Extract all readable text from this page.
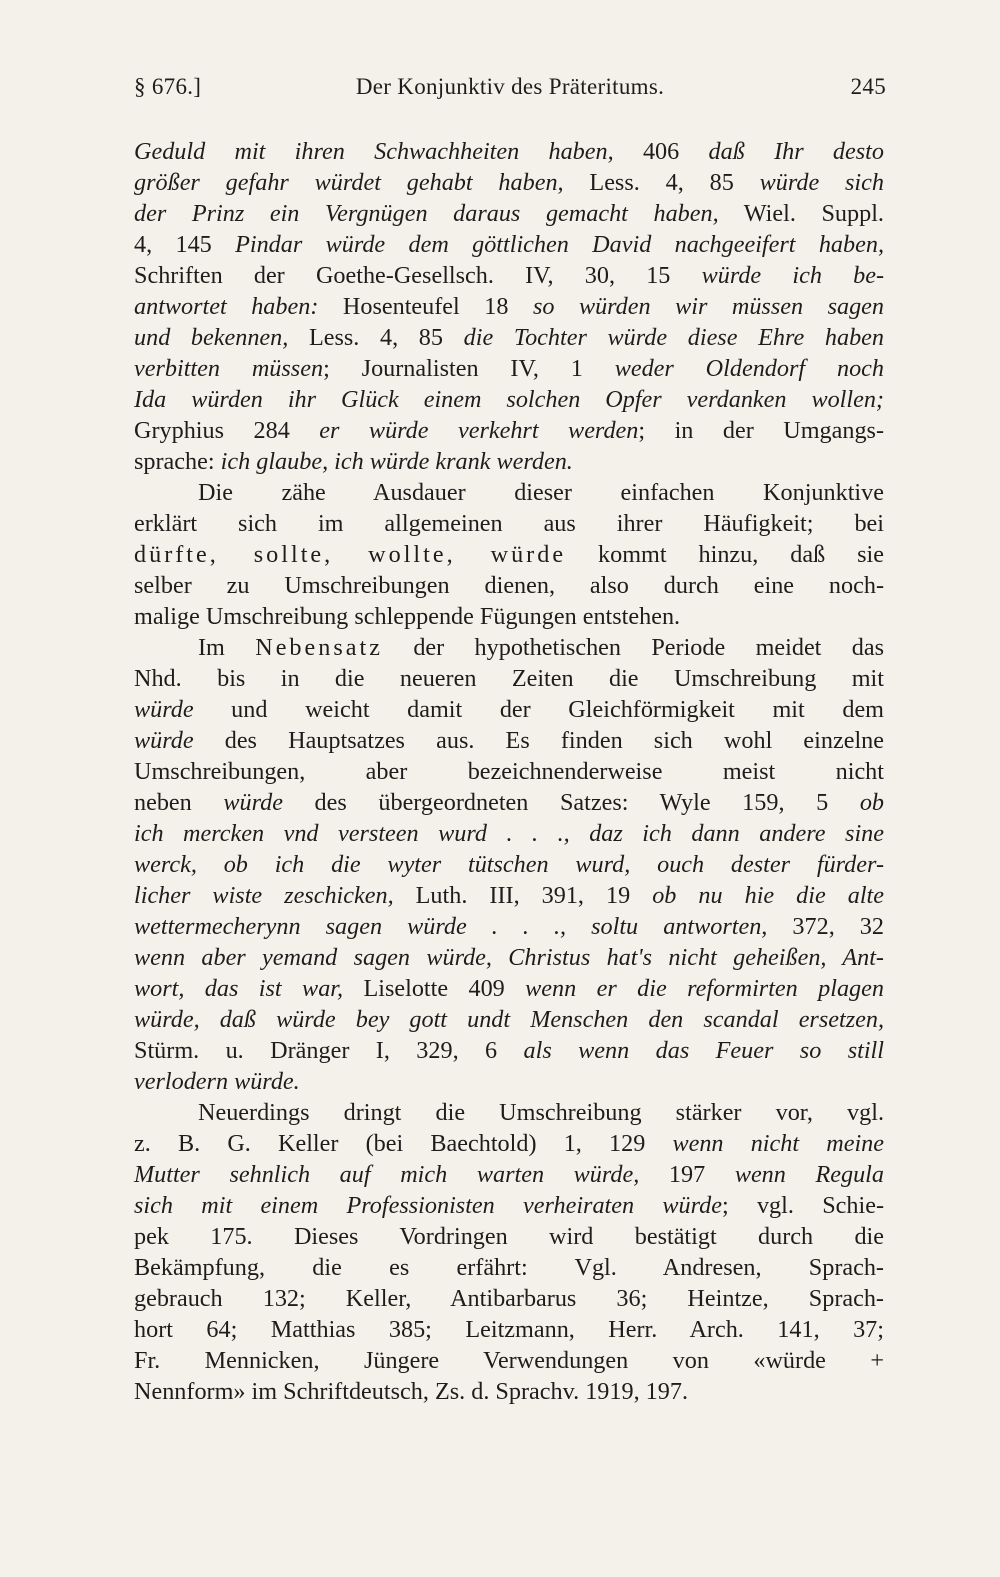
§ 676.]	Der Konjunktiv des Präteritums.	245

Geduld mit ihren Schwachheiten haben, 406 daß Ihr desto

größer gefahr würdet gehabt haben, Less. 4, 85 würde sich

der Prinz ein Vergnügen daraus gemacht haben, Wiel. Suppl.

4, 145 Pindar würde dem göttlichen David nachgeeifert haben,

Schriften der Goethe-Gesellsch. IV, 30, 15 würde ich be-

antwortet haben: Hosenteufel 18 so würden wir müssen sagen

und bekennen, Less. 4, 85 die Tochter würde diese Ehre haben

verbitten müssen; Journalisten IV, 1 weder Oldendorf noch

Ida würden ihr Glück einem solchen Opfer verdanken wollen;

Gryphius 284 er würde verkehrt werden; in der Umgangs-

sprache: ich glaube, ich würde krank werden.

Die zähe Ausdauer dieser einfachen Konjunktive

erklärt sich im allgemeinen aus ihrer Häufigkeit; bei

dürfte, sollte, wollte, würde kommt hinzu, daß sie

selber zu Umschreibungen dienen, also durch eine noch-

malige Umschreibung schleppende Fügungen entstehen.

Im Nebensatz der hypothetischen Periode meidet das

Nhd. bis in die neueren Zeiten die Umschreibung mit

würde und weicht damit der Gleichförmigkeit mit dem

würde des Hauptsatzes aus. Es finden sich wohl einzelne

Umschreibungen, aber bezeichnenderweise meist nicht

neben würde des übergeordneten Satzes: Wyle 159, 5 ob

ich mercken vnd versteen wurd . . ., daz ich dann andere sine

werck, ob ich die wyter tütschen wurd, ouch dester fürder-

licher wiste zeschicken, Luth. III, 391, 19 ob nu hie die alte

wettermecherynn sagen würde . . ., soltu antworten, 372, 32

wenn aber yemand sagen würde, Christus hat's nicht geheißen, Ant-

wort, das ist war, Liselotte 409 wenn er die reformirten plagen

würde, daß würde bey gott undt Menschen den scandal ersetzen,

Stürm. u. Dränger I, 329, 6 als wenn das Feuer so still

verlodern würde.

Neuerdings dringt die Umschreibung stärker vor, vgl.

z. B. G. Keller (bei Baechtold) 1, 129 wenn nicht meine

Mutter sehnlich auf mich warten würde, 197 wenn Regula

sich mit einem Professionisten verheiraten würde; vgl. Schie-

pek 175. Dieses Vordringen wird bestätigt durch die

Bekämpfung, die es erfährt: Vgl. Andresen, Sprach-

gebrauch 132; Keller, Antibarbarus 36; Heintze, Sprach-

hort 64; Matthias 385; Leitzmann, Herr. Arch. 141, 37;

Fr. Mennicken, Jüngere Verwendungen von «würde +

Nennform» im Schriftdeutsch, Zs. d. Sprachv. 1919, 197.
